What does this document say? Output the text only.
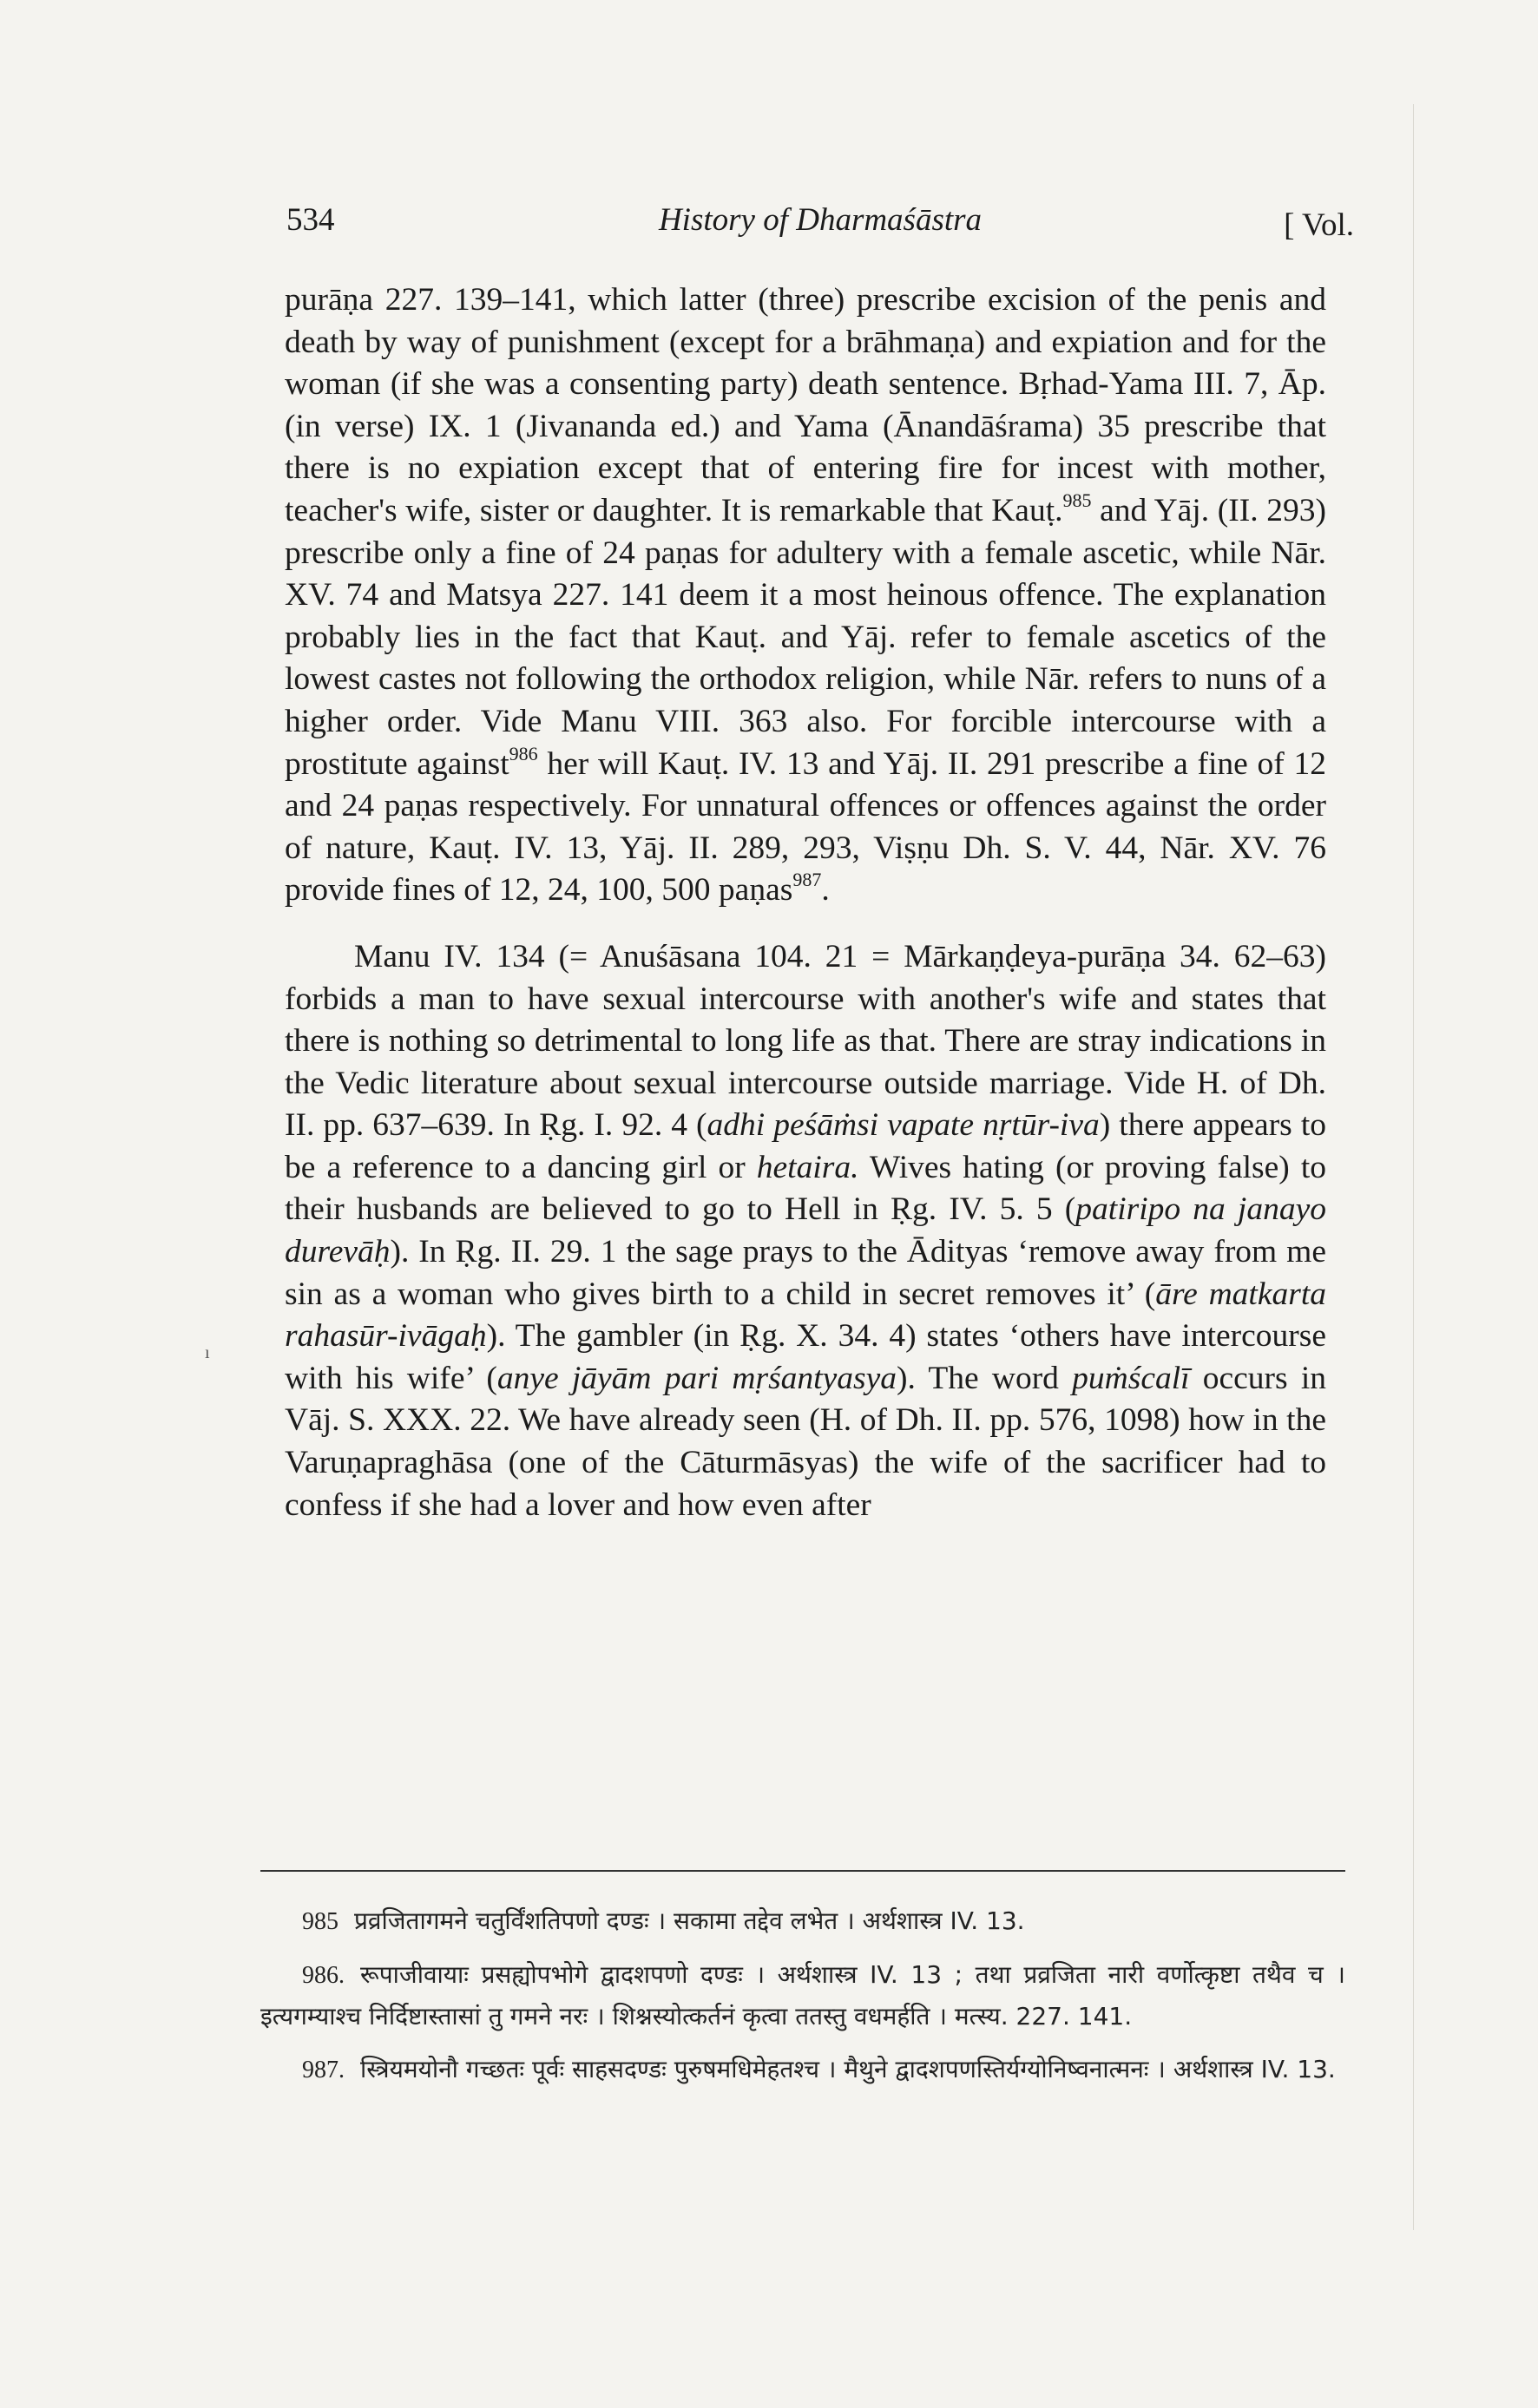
534	History of Dharmaśāstra	[ Vol.

purāṇa 227. 139–141, which latter (three) prescribe excision of the penis and death by way of punishment (except for a brāhmaṇa) and expiation and for the woman (if she was a consenting party) death sentence. Bṛhad-Yama III. 7, Āp. (in verse) IX. 1 (Jivananda ed.) and Yama (Ānandāśrama) 35 prescribe that there is no expiation except that of entering fire for incest with mother, teacher's wife, sister or daughter. It is remarkable that Kauṭ.$^{985}$ and Yāj. (II. 293) prescribe only a fine of 24 paṇas for adultery with a female ascetic, while Nār. XV. 74 and Matsya 227. 141 deem it a most heinous offence. The explanation probably lies in the fact that Kauṭ. and Yāj. refer to female ascetics of the lowest castes not following the orthodox religion, while Nār. refers to nuns of a higher order. Vide Manu VIII. 363 also. For forcible intercourse with a prostitute against$^{986}$ her will Kauṭ. IV. 13 and Yāj. II. 291 prescribe a fine of 12 and 24 paṇas respectively. For unnatural offences or offences against the order of nature, Kauṭ. IV. 13, Yāj. II. 289, 293, Viṣṇu Dh. S. V. 44, Nār. XV. 76 provide fines of 12, 24, 100, 500 paṇas$^{987}$.

Manu IV. 134 (= Anuśāsana 104. 21 = Mārkaṇḍeya-purāṇa 34. 62–63) forbids a man to have sexual intercourse with another's wife and states that there is nothing so detrimental to long life as that. There are stray indications in the Vedic literature about sexual intercourse outside marriage. Vide H. of Dh. II. pp. 637–639. In Ṛg. I. 92. 4 (adhi peśāṁsi vapate nṛtūr-iva) there appears to be a reference to a dancing girl or hetaira. Wives hating (or proving false) to their husbands are believed to go to Hell in Ṛg. IV. 5. 5 (patiripo na janayo durevāḥ). In Ṛg. II. 29. 1 the sage prays to the Ādityas ‘remove away from me sin as a woman who gives birth to a child in secret removes it’ (āre matkarta rahasūr-ivāgaḥ). The gambler (in Ṛg. X. 34. 4) states ‘others have intercourse with his wife’ (anye jāyām pari mṛśantyasya). The word puṁścalī occurs in Vāj. S. XXX. 22. We have already seen (H. of Dh. II. pp. 576, 1098) how in the Varuṇapraghāsa (one of the Cāturmāsyas) the wife of the sacrificer had to confess if she had a lover and how even after

ı

985 प्रव्रजितागमने चतुर्विंशतिपणो दण्डः । सकामा तद्देव लभेत । अर्थशास्त्र IV. 13.

986. रूपाजीवायाः प्रसह्योपभोगे द्वादशपणो दण्डः । अर्थशास्त्र IV. 13 ; तथा प्रव्रजिता नारी वर्णोत्कृष्टा तथैव च । इत्यगम्याश्च निर्दिष्टास्तासां तु गमने नरः । शिश्नस्योत्कर्तनं कृत्वा ततस्तु वधमर्हति । मत्स्य. 227. 141.

987. स्त्रियमयोनौ गच्छतः पूर्वः साहसदण्डः पुरुषमधिमेहतश्च । मैथुने द्वादशपणस्तिर्यग्योनिष्वनात्मनः । अर्थशास्त्र IV. 13.
